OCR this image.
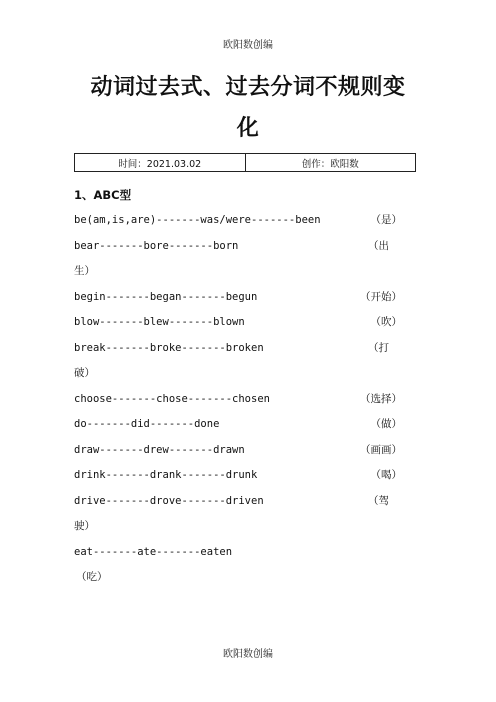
欧阳数创编
动词过去式、过去分词不规则变
化
时间：2021.03.02	创作：欧阳数
1、ABC型
be(am,is,are)-------was/were-------been	（是）
bear-------bore-------born	（出
生）
begin-------began-------begun	（开始）
blow-------blew-------blown	（吹）
break-------broke-------broken	（打
破）
choose-------chose-------chosen	（选择）
do-------did-------done	（做）
draw-------drew-------drawn	（画画）
drink-------drank-------drunk	（喝）
drive-------drove-------driven	（驾
驶）
eat-------ate-------eaten
（吃）
欧阳数创编
